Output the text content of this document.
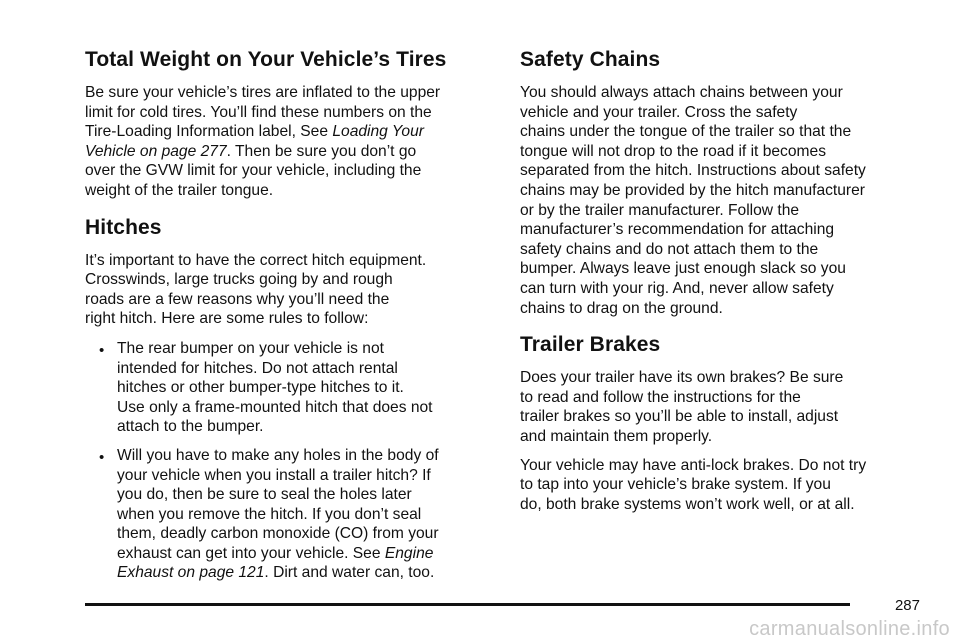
Total Weight on Your Vehicle’s Tires
Be sure your vehicle’s tires are inflated to the upper
limit for cold tires. You’ll find these numbers on the
Tire-Loading Information label, See Loading Your
Vehicle on page 277. Then be sure you don’t go
over the GVW limit for your vehicle, including the
weight of the trailer tongue.
Hitches
It’s important to have the correct hitch equipment.
Crosswinds, large trucks going by and rough
roads are a few reasons why you’ll need the
right hitch. Here are some rules to follow:
• The rear bumper on your vehicle is not
intended for hitches. Do not attach rental
hitches or other bumper-type hitches to it.
Use only a frame-mounted hitch that does not
attach to the bumper.
• Will you have to make any holes in the body of
your vehicle when you install a trailer hitch? If
you do, then be sure to seal the holes later
when you remove the hitch. If you don’t seal
them, deadly carbon monoxide (CO) from your
exhaust can get into your vehicle. See Engine
Exhaust on page 121. Dirt and water can, too.
Safety Chains
You should always attach chains between your
vehicle and your trailer. Cross the safety
chains under the tongue of the trailer so that the
tongue will not drop to the road if it becomes
separated from the hitch. Instructions about safety
chains may be provided by the hitch manufacturer
or by the trailer manufacturer. Follow the
manufacturer’s recommendation for attaching
safety chains and do not attach them to the
bumper. Always leave just enough slack so you
can turn with your rig. And, never allow safety
chains to drag on the ground.
Trailer Brakes
Does your trailer have its own brakes? Be sure
to read and follow the instructions for the
trailer brakes so you’ll be able to install, adjust
and maintain them properly.
Your vehicle may have anti-lock brakes. Do not try
to tap into your vehicle’s brake system. If you
do, both brake systems won’t work well, or at all.
287
carmanualsonline.info
